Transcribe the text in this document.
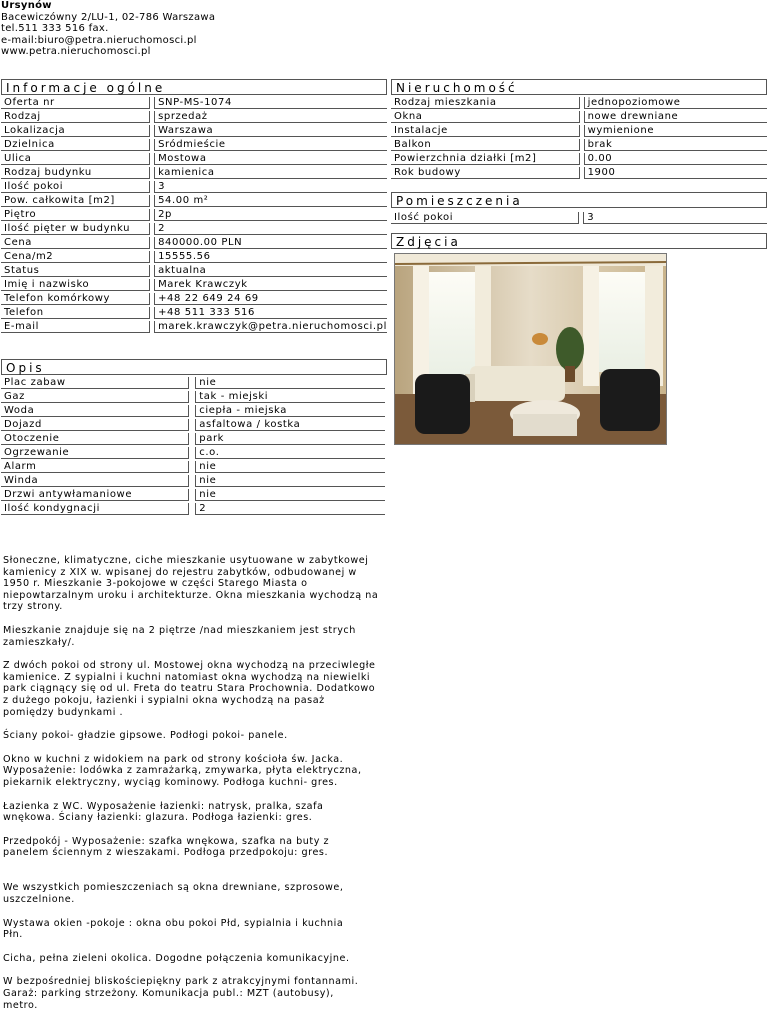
Ursynów
Bacewiczówny 2/LU-1, 02-786 Warszawa
tel.511 333 516 fax.
e-mail:biuro@petra.nieruchomosci.pl
www.petra.nieruchomosci.pl
Informacje ogólne	Nieruchomość
Pomieszczenia
Zdjęcia
Opis
Oferta nr		SNP-MS-1074
Rodzaj		sprzedaż
Lokalizacja		Warszawa
Dzielnica		Śródmieście
Ulica		Mostowa
Rodzaj budynku		kamienica
Ilość pokoi		3
Pow. całkowita [m2]		54.00 m²
Piętro		2p
Ilość pięter w budynku		2
Cena		840000.00 PLN
Cena/m2		15555.56
Status		aktualna
Imię i nazwisko		Marek Krawczyk
Telefon komórkowy		+48 22 649 24 69
Telefon		+48 511 333 516
E-mail		marek.krawczyk@petra.nieruchomosci.pl
Rodzaj mieszkania		jednopoziomowe
Okna		nowe drewniane
Instalacje		wymienione
Balkon		brak
Powierzchnia działki [m2]		0.00
Rok budowy		1900
Ilość pokoi		3
Plac zabaw		nie
Gaz		tak - miejski
Woda		ciepła - miejska
Dojazd		asfaltowa / kostka
Otoczenie		park
Ogrzewanie		c.o.
Alarm		nie
Winda		nie
Drzwi antywłamaniowe		nie
Ilość kondygnacji		2

Słoneczne, klimatyczne, ciche mieszkanie usytuowane w zabytkowej
kamienicy z XIX w. wpisanej do rejestru zabytków, odbudowanej w
1950 r. Mieszkanie 3-pokojowe w części Starego Miasta o
niepowtarzalnym uroku i architekturze. Okna mieszkania wychodzą na
trzy strony.

Mieszkanie znajduje się na 2 piętrze /nad mieszkaniem jest strych
zamieszkały/.

Z dwóch pokoi od strony ul. Mostowej okna wychodzą na przeciwległe
kamienice. Z sypialni i kuchni natomiast okna wychodzą na niewielki
park ciągnący się od ul. Freta do teatru Stara Prochownia. Dodatkowo
z dużego pokoju, łazienki i sypialni okna wychodzą na pasaż
pomiędzy budynkami .

Ściany pokoi- gładzie gipsowe. Podłogi pokoi- panele.

Okno w kuchni z widokiem na park od strony kościoła św. Jacka.
Wyposażenie: lodówka z zamrażarką, zmywarka, płyta elektryczna,
piekarnik elektryczny, wyciąg kominowy. Podłoga kuchni- gres.

Łazienka z WC. Wyposażenie łazienki: natrysk, pralka, szafa
wnękowa. Ściany łazienki: glazura. Podłoga łazienki: gres.

Przedpokój - Wyposażenie: szafka wnękowa, szafka na buty z
panelem ściennym z wieszakami. Podłoga przedpokoju: gres.

We wszystkich pomieszczeniach są okna drewniane, szprosowe,
uszczelnione.

Wystawa okien -pokoje : okna obu pokoi Płd, sypialnia i kuchnia
Płn.

Cicha, pełna zieleni okolica. Dogodne połączenia komunikacyjne.

W bezpośredniej bliskościepiękny park z atrakcyjnymi fontannami.
Garaż: parking strzeżony. Komunikacja publ.: MZT (autobusy),
metro.
